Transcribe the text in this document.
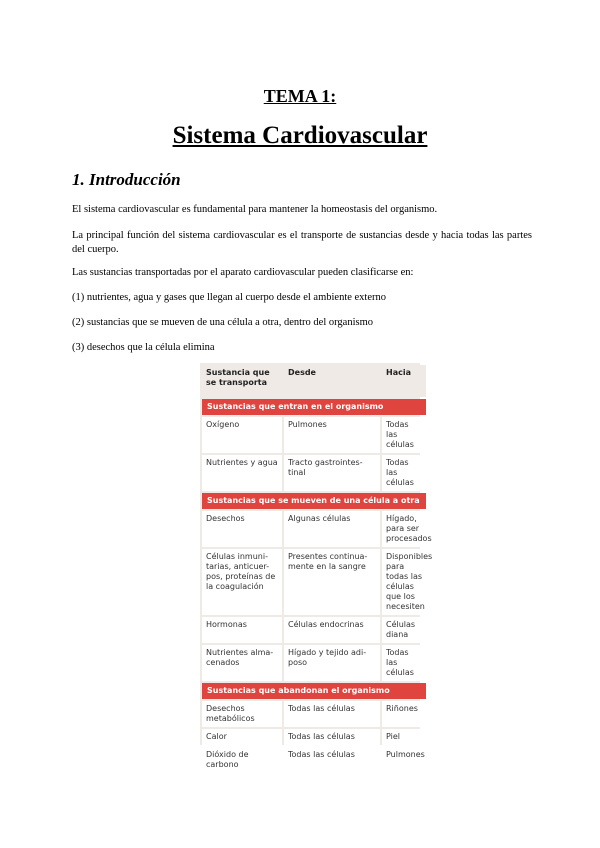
TEMA 1:
Sistema Cardiovascular
1. Introducción
El sistema cardiovascular es fundamental para mantener la homeostasis del organismo.
La principal función del sistema cardiovascular es el transporte de sustancias desde y hacia todas las partes del cuerpo.
Las sustancias transportadas por el aparato cardiovascular pueden clasificarse en:
(1) nutrientes, agua y gases que llegan al cuerpo desde el ambiente externo
(2) sustancias que se mueven de una célula a otra, dentro del organismo
(3) desechos que la célula elimina
Sustancia que se transporta	Desde	Hacia
Sustancias que entran en el organismo		
Oxígeno	Pulmones	Todas las células
Nutrientes y agua	Tracto gastrointes-tinal	Todas las células
Sustancias que se mueven de una célula a otra		
Desechos	Algunas células	Hígado, para ser procesados
Células inmuni-tarias, anticuer-pos, proteínas de la coagulación	Presentes continua-mente en la sangre	Disponibles para todas las células que los necesiten
Hormonas	Células endocrinas	Células diana
Nutrientes alma-cenados	Hígado y tejido adi-poso	Todas las células
Sustancias que abandonan el organismo		
Desechos metabólicos	Todas las células	Riñones
Calor	Todas las células	Piel
Dióxido de carbono	Todas las células	Pulmones
